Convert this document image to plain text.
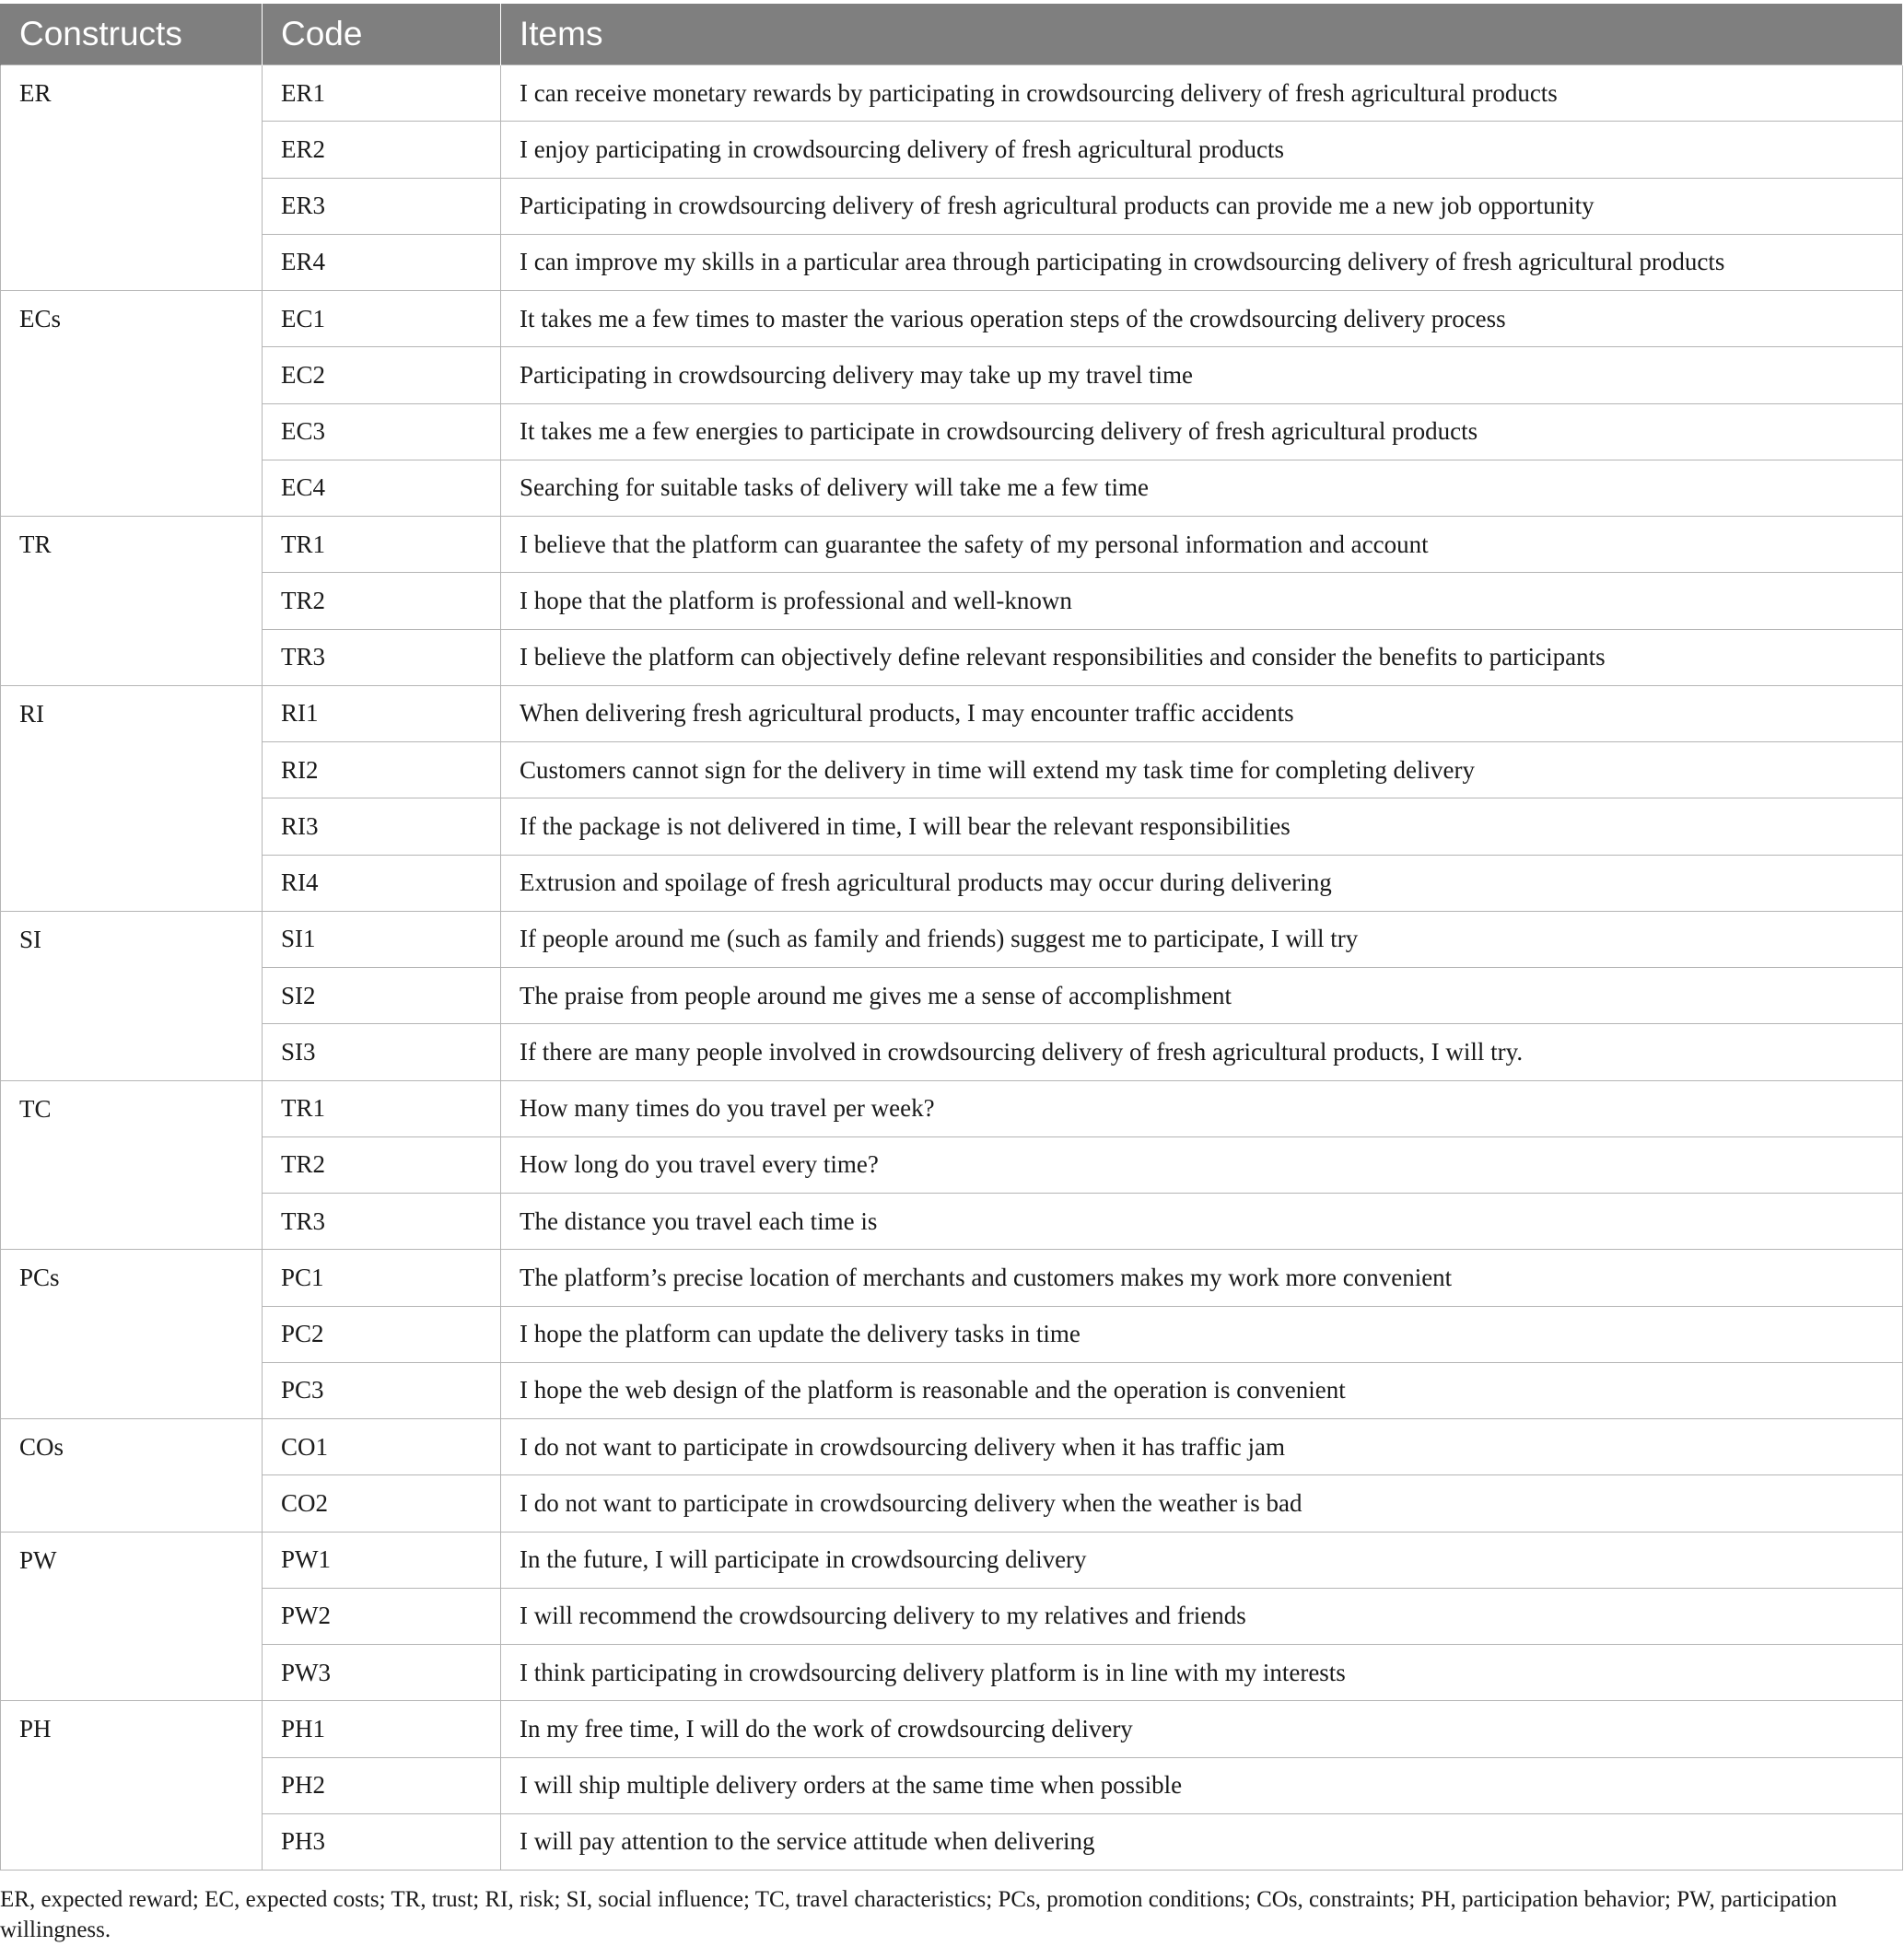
Constructs	Code	Items
ER	ER1	I can receive monetary rewards by participating in crowdsourcing delivery of fresh agricultural products
	ER2	I enjoy participating in crowdsourcing delivery of fresh agricultural products
	ER3	Participating in crowdsourcing delivery of fresh agricultural products can provide me a new job opportunity
	ER4	I can improve my skills in a particular area through participating in crowdsourcing delivery of fresh agricultural products
ECs	EC1	It takes me a few times to master the various operation steps of the crowdsourcing delivery process
	EC2	Participating in crowdsourcing delivery may take up my travel time
	EC3	It takes me a few energies to participate in crowdsourcing delivery of fresh agricultural products
	EC4	Searching for suitable tasks of delivery will take me a few time
TR	TR1	I believe that the platform can guarantee the safety of my personal information and account
	TR2	I hope that the platform is professional and well-known
	TR3	I believe the platform can objectively define relevant responsibilities and consider the benefits to participants
RI	RI1	When delivering fresh agricultural products, I may encounter traffic accidents
	RI2	Customers cannot sign for the delivery in time will extend my task time for completing delivery
	RI3	If the package is not delivered in time, I will bear the relevant responsibilities
	RI4	Extrusion and spoilage of fresh agricultural products may occur during delivering
SI	SI1	If people around me (such as family and friends) suggest me to participate, I will try
	SI2	The praise from people around me gives me a sense of accomplishment
	SI3	If there are many people involved in crowdsourcing delivery of fresh agricultural products, I will try.
TC	TR1	How many times do you travel per week?
	TR2	How long do you travel every time?
	TR3	The distance you travel each time is
PCs	PC1	The platform’s precise location of merchants and customers makes my work more convenient
	PC2	I hope the platform can update the delivery tasks in time
	PC3	I hope the web design of the platform is reasonable and the operation is convenient
COs	CO1	I do not want to participate in crowdsourcing delivery when it has traffic jam
	CO2	I do not want to participate in crowdsourcing delivery when the weather is bad
PW	PW1	In the future, I will participate in crowdsourcing delivery
	PW2	I will recommend the crowdsourcing delivery to my relatives and friends
	PW3	I think participating in crowdsourcing delivery platform is in line with my interests
PH	PH1	In my free time, I will do the work of crowdsourcing delivery
	PH2	I will ship multiple delivery orders at the same time when possible
	PH3	I will pay attention to the service attitude when delivering
ER, expected reward; EC, expected costs; TR, trust; RI, risk; SI, social influence; TC, travel characteristics; PCs, promotion conditions; COs, constraints; PH, participation behavior; PW, participation willingness.
